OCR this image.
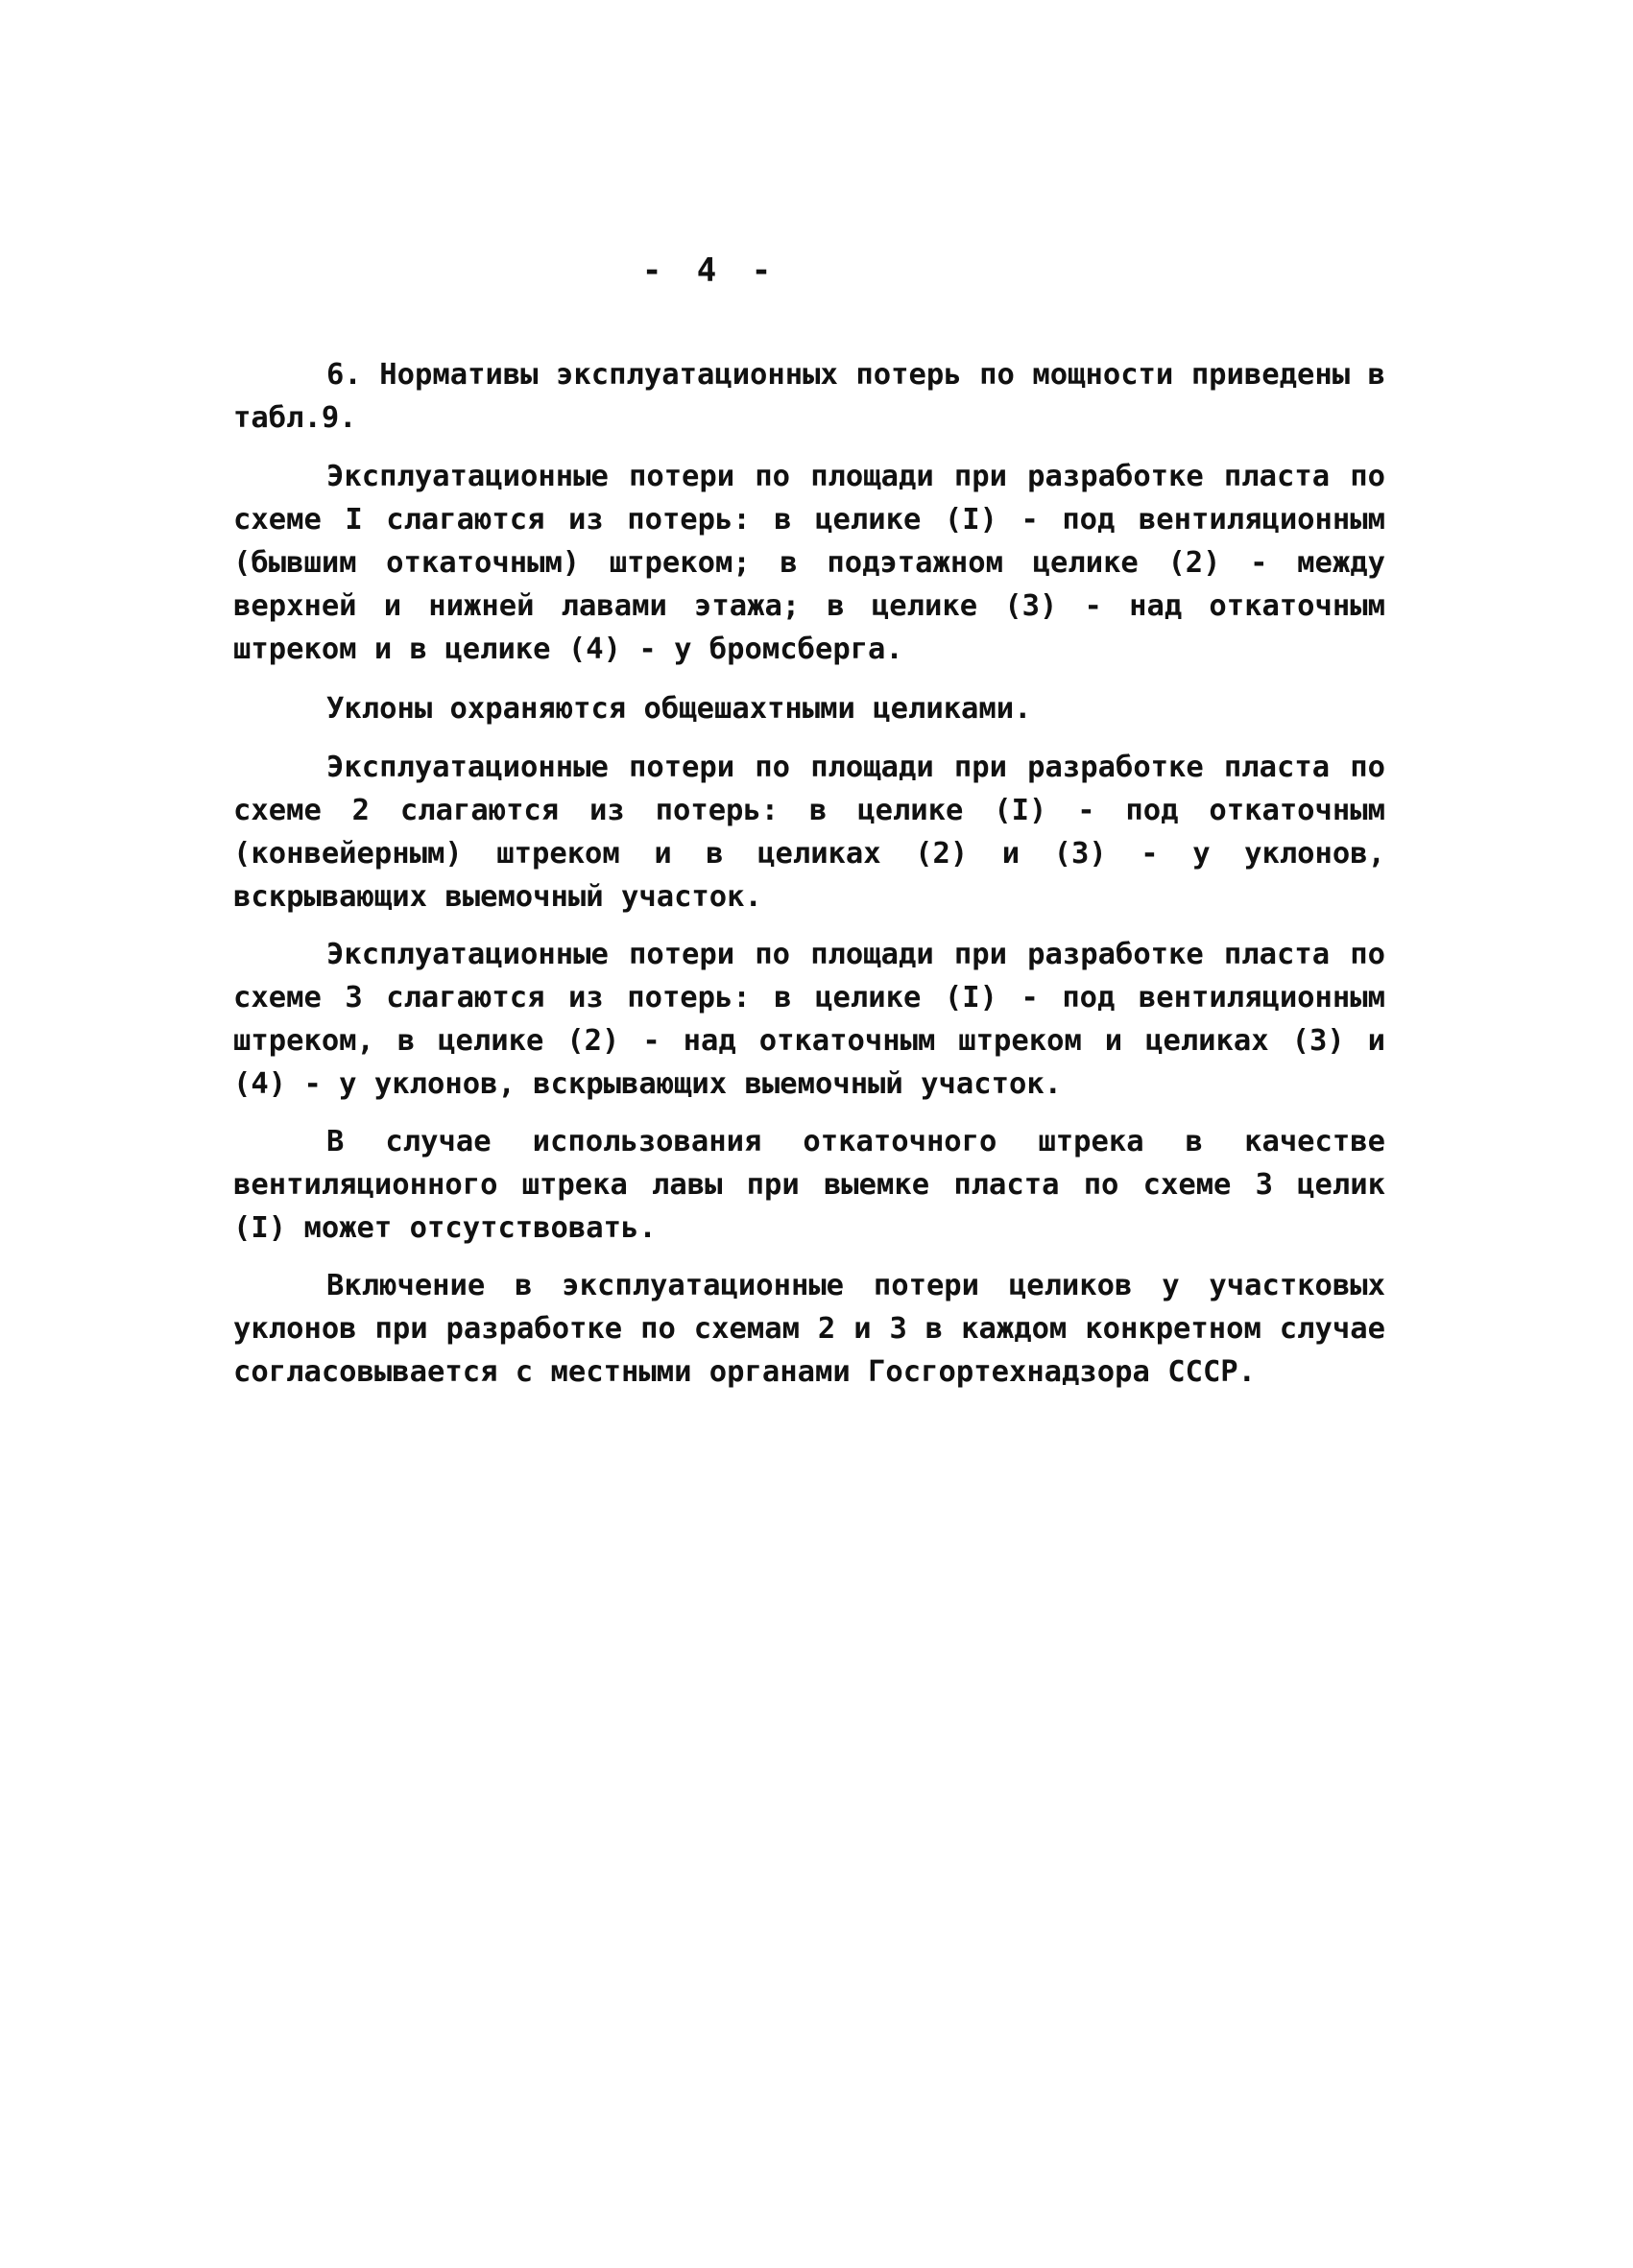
- 4 -

6. Нормативы эксплуатационных потерь по мощности приведены в табл.9.

Эксплуатационные потери по площади при разработке пласта по схеме I слагаются из потерь: в целике (I) - под вентиляционным (бывшим откаточным) штреком; в подэтажном целике (2) - между верхней и нижней лавами этажа; в целике (3) - над откаточным штреком и в целике (4) - у бромсберга.

Уклоны охраняются общешахтными целиками.

Эксплуатационные потери по площади при разработке пласта по схеме 2 слагаются из потерь: в целике (I) - под откаточным (конвейерным) штреком и в целиках (2) и (3) - у уклонов, вскрывающих выемочный участок.

Эксплуатационные потери по площади при разработке пласта по схеме 3 слагаются из потерь: в целике (I) - под вентиляционным штреком, в целике (2) - над откаточным штреком и целиках (3) и (4) - у уклонов, вскрывающих выемочный участок.

В случае использования откаточного штрека в качестве вентиляционного штрека лавы при выемке пласта по схеме 3 целик (I) может отсутствовать.

Включение в эксплуатационные потери целиков у участковых уклонов при разработке по схемам 2 и 3 в каждом конкретном случае согласовывается с местными органами Госгортехнадзора СССР.
